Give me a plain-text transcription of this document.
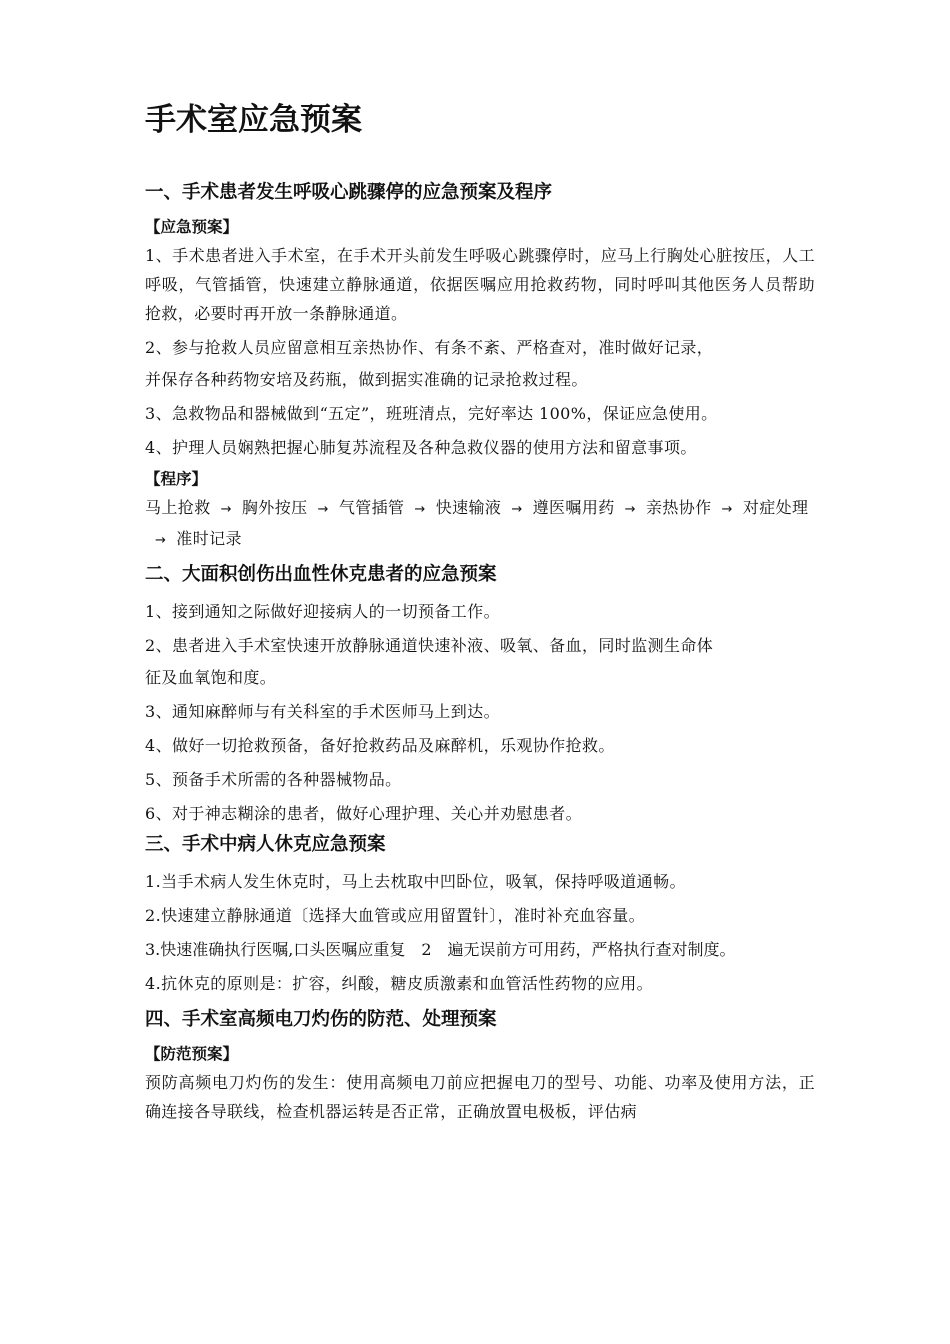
手术室应急预案
一、手术患者发生呼吸心跳骤停的应急预案及程序
【应急预案】

1、手术患者进入手术室，在手术开头前发生呼吸心跳骤停时，应马上行胸处心脏按压，人工呼吸，气管插管，快速建立静脉通道，依据医嘱应用抢救药物，同时呼叫其他医务人员帮助抢救，必要时再开放一条静脉通道。

2、参与抢救人员应留意相互亲热协作、有条不紊、严格查对，准时做好记录，

并保存各种药物安培及药瓶，做到据实准确的记录抢救过程。

3、急救物品和器械做到“五定”，班班清点，完好率达 100%，保证应急使用。

4、护理人员娴熟把握心肺复苏流程及各种急救仪器的使用方法和留意事项。

【程序】

马上抢救 → 胸外按压 → 气管插管 → 快速输液 → 遵医嘱用药 → 亲热协作 → 对症处理→ 准时记录

二、大面积创伤出血性休克患者的应急预案

1、接到通知之际做好迎接病人的一切预备工作。

2、患者进入手术室快速开放静脉通道快速补液、吸氧、备血，同时监测生命体

征及血氧饱和度。

3、通知麻醉师与有关科室的手术医师马上到达。

4、做好一切抢救预备，备好抢救药品及麻醉机，乐观协作抢救。

5、预备手术所需的各种器械物品。

6、对于神志糊涂的患者，做好心理护理、关心并劝慰患者。

三、手术中病人休克应急预案

1.当手术病人发生休克时，马上去枕取中凹卧位，吸氧，保持呼吸道通畅。

2.快速建立静脉通道〔选择大血管或应用留置针〕，准时补充血容量。

3.快速准确执行医嘱,口头医嘱应重复　2　遍无误前方可用药，严格执行查对制度。

4.抗休克的原则是：扩容，纠酸，糖皮质激素和血管活性药物的应用。

四、手术室高频电刀灼伤的防范、处理预案
【防范预案】

预防高频电刀灼伤的发生：使用高频电刀前应把握电刀的型号、功能、功率及使用方法，正确连接各导联线，检查机器运转是否正常，正确放置电极板，评估病
